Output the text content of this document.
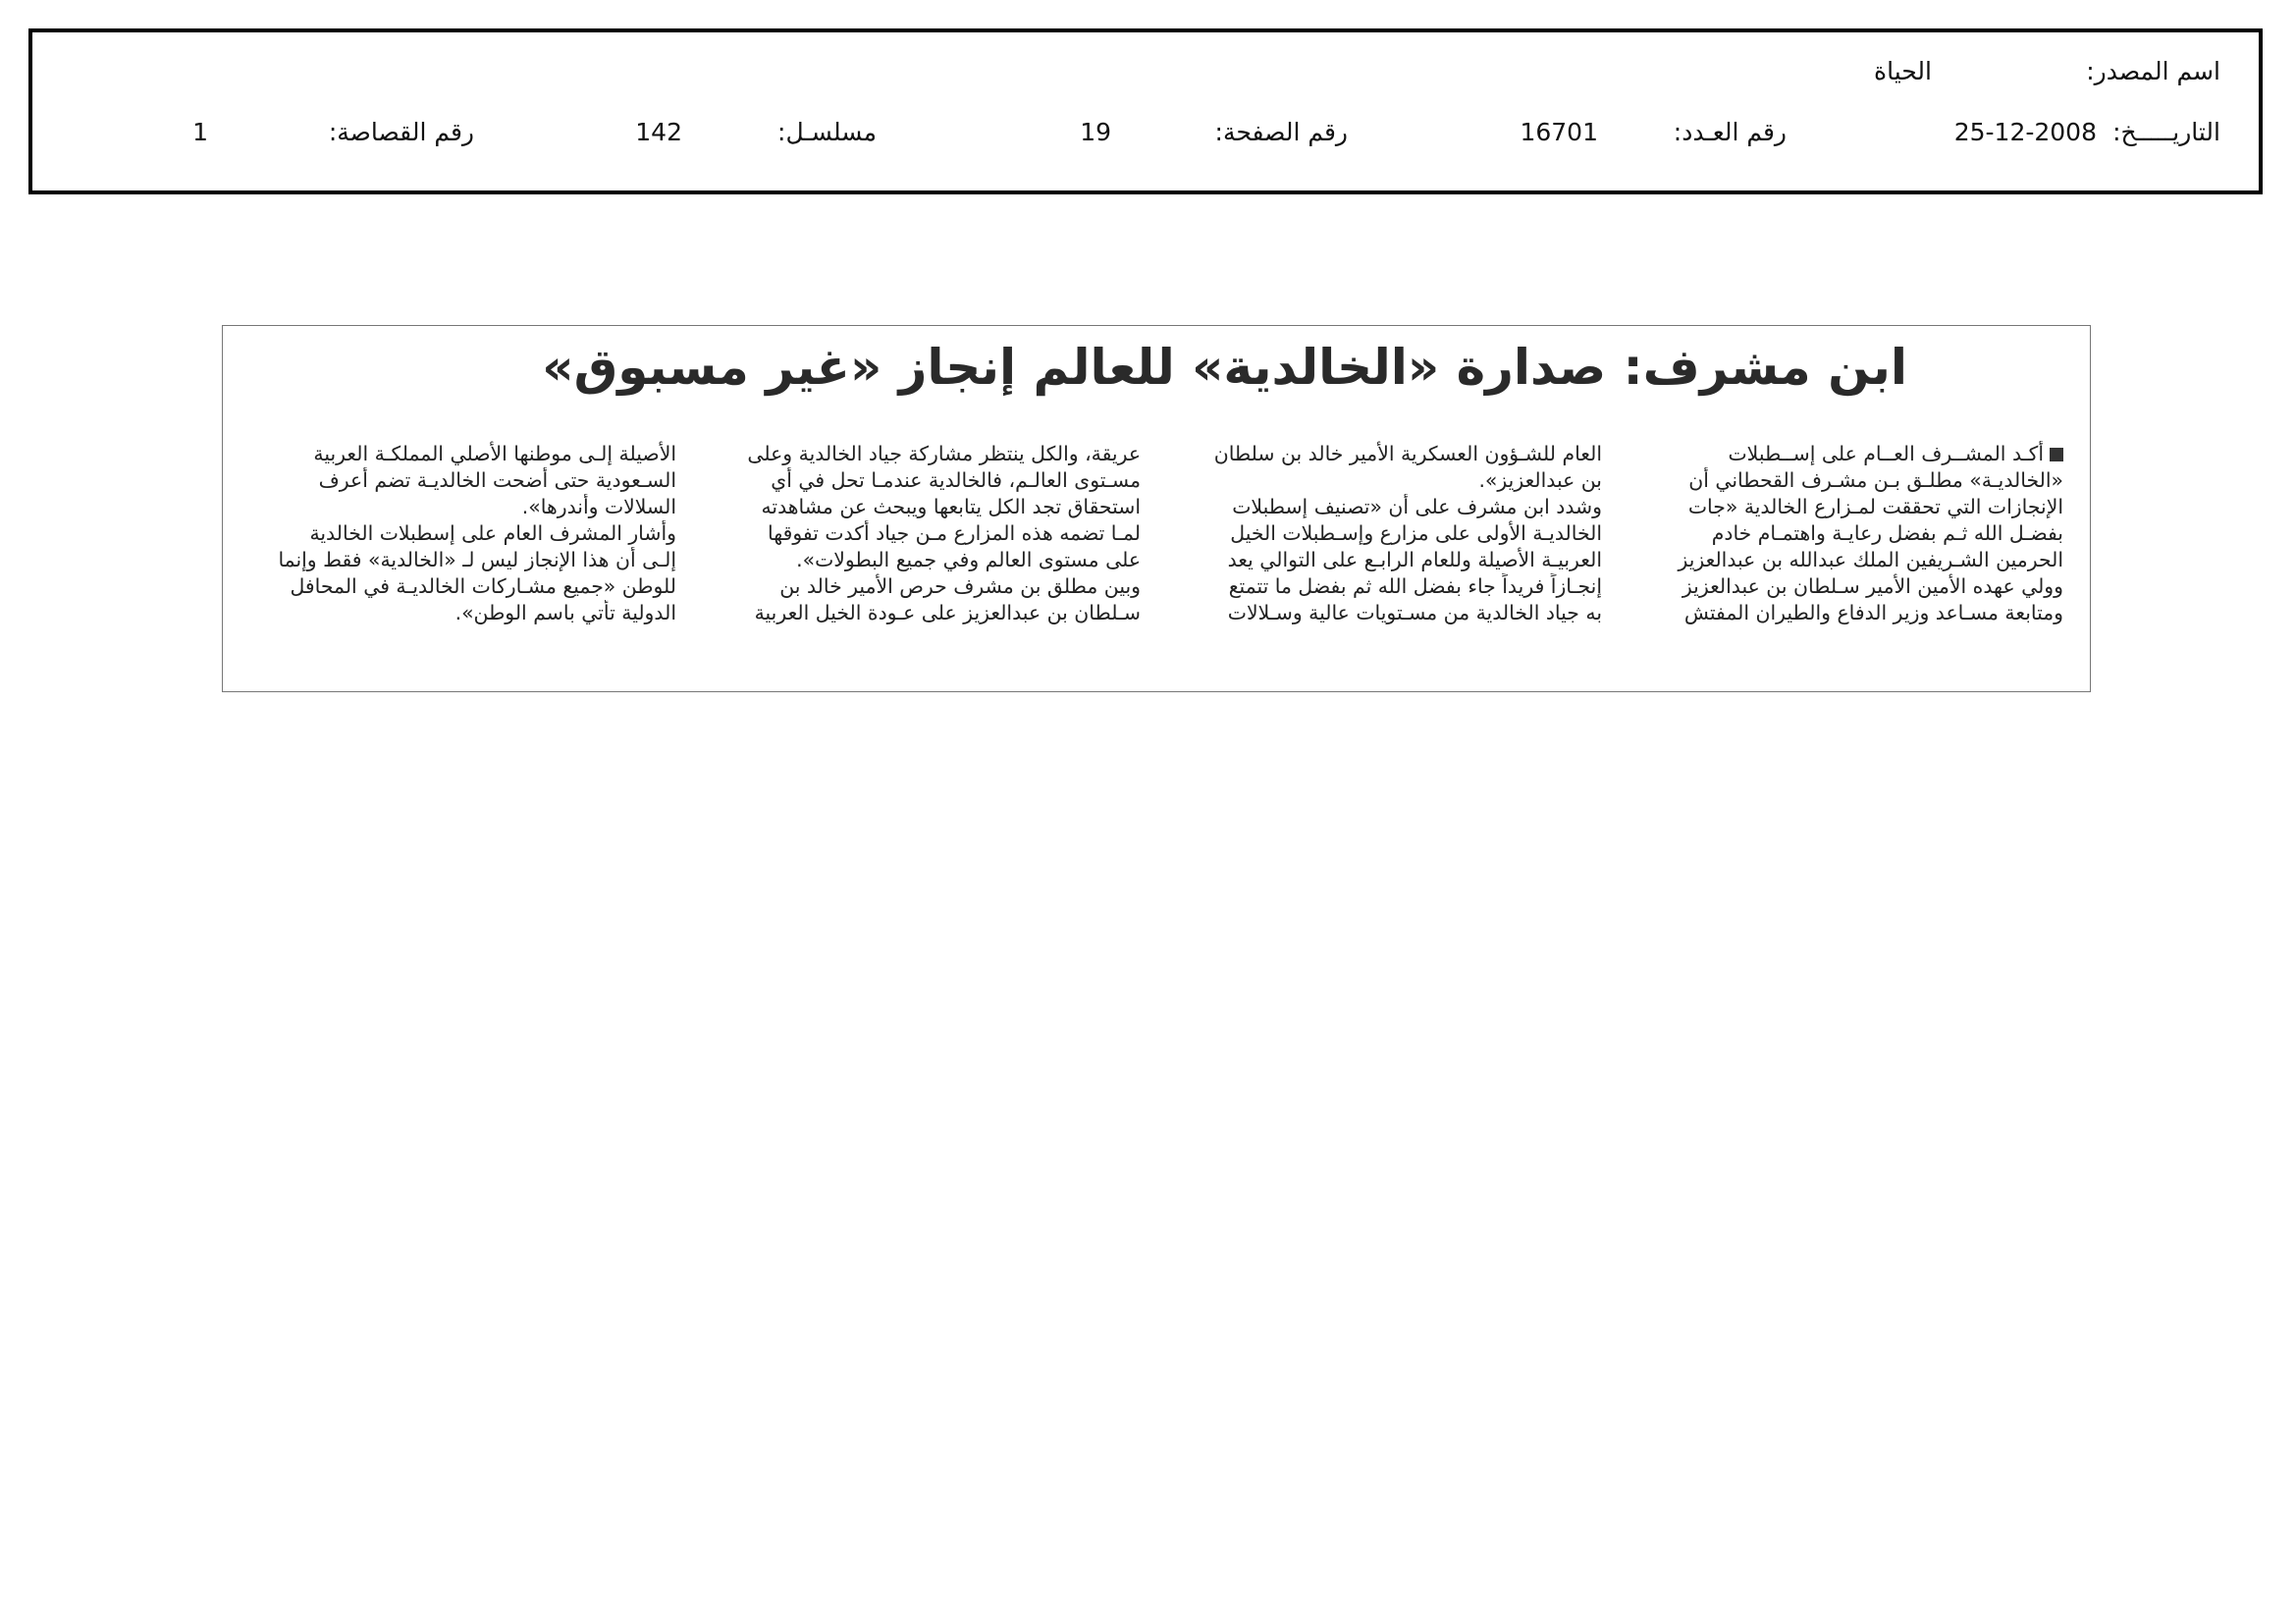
اسم المصدر:
الحياة
التاريـــــخ:
25-12-2008
رقم العـدد:
16701
رقم الصفحة:
19
مسلسـل:
142
رقم القصاصة:
1
ابن مشرف: صدارة «الخالدية» للعالم إنجاز «غير مسبوق»
أكـد المشــرف العــام على إســطبلات
«الخالديـة» مطلـق بـن مشـرف القحطاني أن
الإنجازات التي تحققت لمـزارع الخالدية «جات
بفضـل الله ثـم بفضل رعايـة واهتمـام خادم
الحرمين الشـريفين الملك عبدالله بن عبدالعزيز
وولي عهده الأمين الأمير سـلطان بن عبدالعزيز
ومتابعة مسـاعد وزير الدفاع والطيران المفتش
العام للشـؤون العسكرية الأمير خالد بن سلطان
بن عبدالعزيز».
وشدد ابن مشرف على أن «تصنيف إسطبلات
الخالديـة الأولى على مزارع وإسـطبلات الخيل
العربيـة الأصيلة وللعام الرابـع على التوالي يعد
إنجـازاً فريداً جاء بفضل الله ثم بفضل ما تتمتع
به جياد الخالدية من مسـتويات عالية وسـلالات
عريقة، والكل ينتظر مشاركة جياد الخالدية وعلى
مسـتوى العالـم، فالخالدية عندمـا تحل في أي
استحقاق تجد الكل يتابعها ويبحث عن مشاهدته
لمـا تضمه هذه المزارع مـن جياد أكدت تفوقها
على مستوى العالم وفي جميع البطولات».
وبين مطلق بن مشرف حرص الأمير خالد بن
سـلطان بن عبدالعزيز على عـودة الخيل العربية
الأصيلة إلـى موطنها الأصلي المملكـة العربية
السـعودية حتى أضحت الخالديـة تضم أعرف
السلالات وأندرها».
وأشار المشرف العام على إسطبلات الخالدية
إلـى أن هذا الإنجاز ليس لـ «الخالدية» فقط وإنما
للوطن «جميع مشـاركات الخالديـة في المحافل
الدولية تأتي باسم الوطن».
